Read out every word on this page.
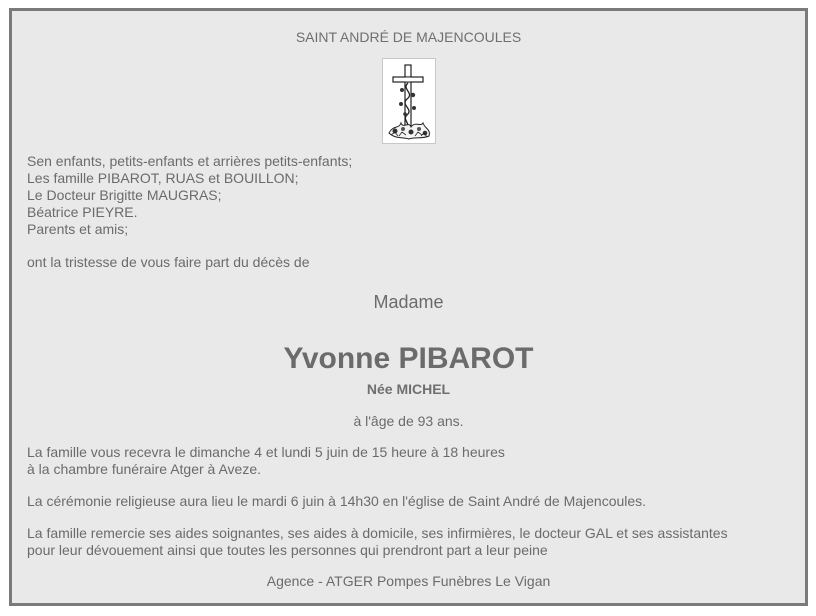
SAINT ANDRÉ DE MAJENCOULES
Sen enfants, petits-enfants et arrières petits-enfants;
Les famille PIBAROT, RUAS et BOUILLON;
Le Docteur Brigitte MAUGRAS;
Béatrice PIEYRE.
Parents et amis;
ont la tristesse de vous faire part du décès de
Madame
Yvonne PIBAROT
Née MICHEL
à l'âge de 93 ans.
La famille vous recevra le dimanche 4 et lundi 5 juin de 15 heure à 18 heures
à la chambre funéraire Atger à Aveze.
La cérémonie religieuse aura lieu le mardi 6 juin à 14h30 en l'église de Saint André de Majencoules.
La famille remercie ses aides soignantes, ses aides à domicile, ses infirmières, le docteur GAL et ses assistantes
pour leur dévouement ainsi que toutes les personnes qui prendront part a leur peine
Agence - ATGER Pompes Funèbres Le Vigan
